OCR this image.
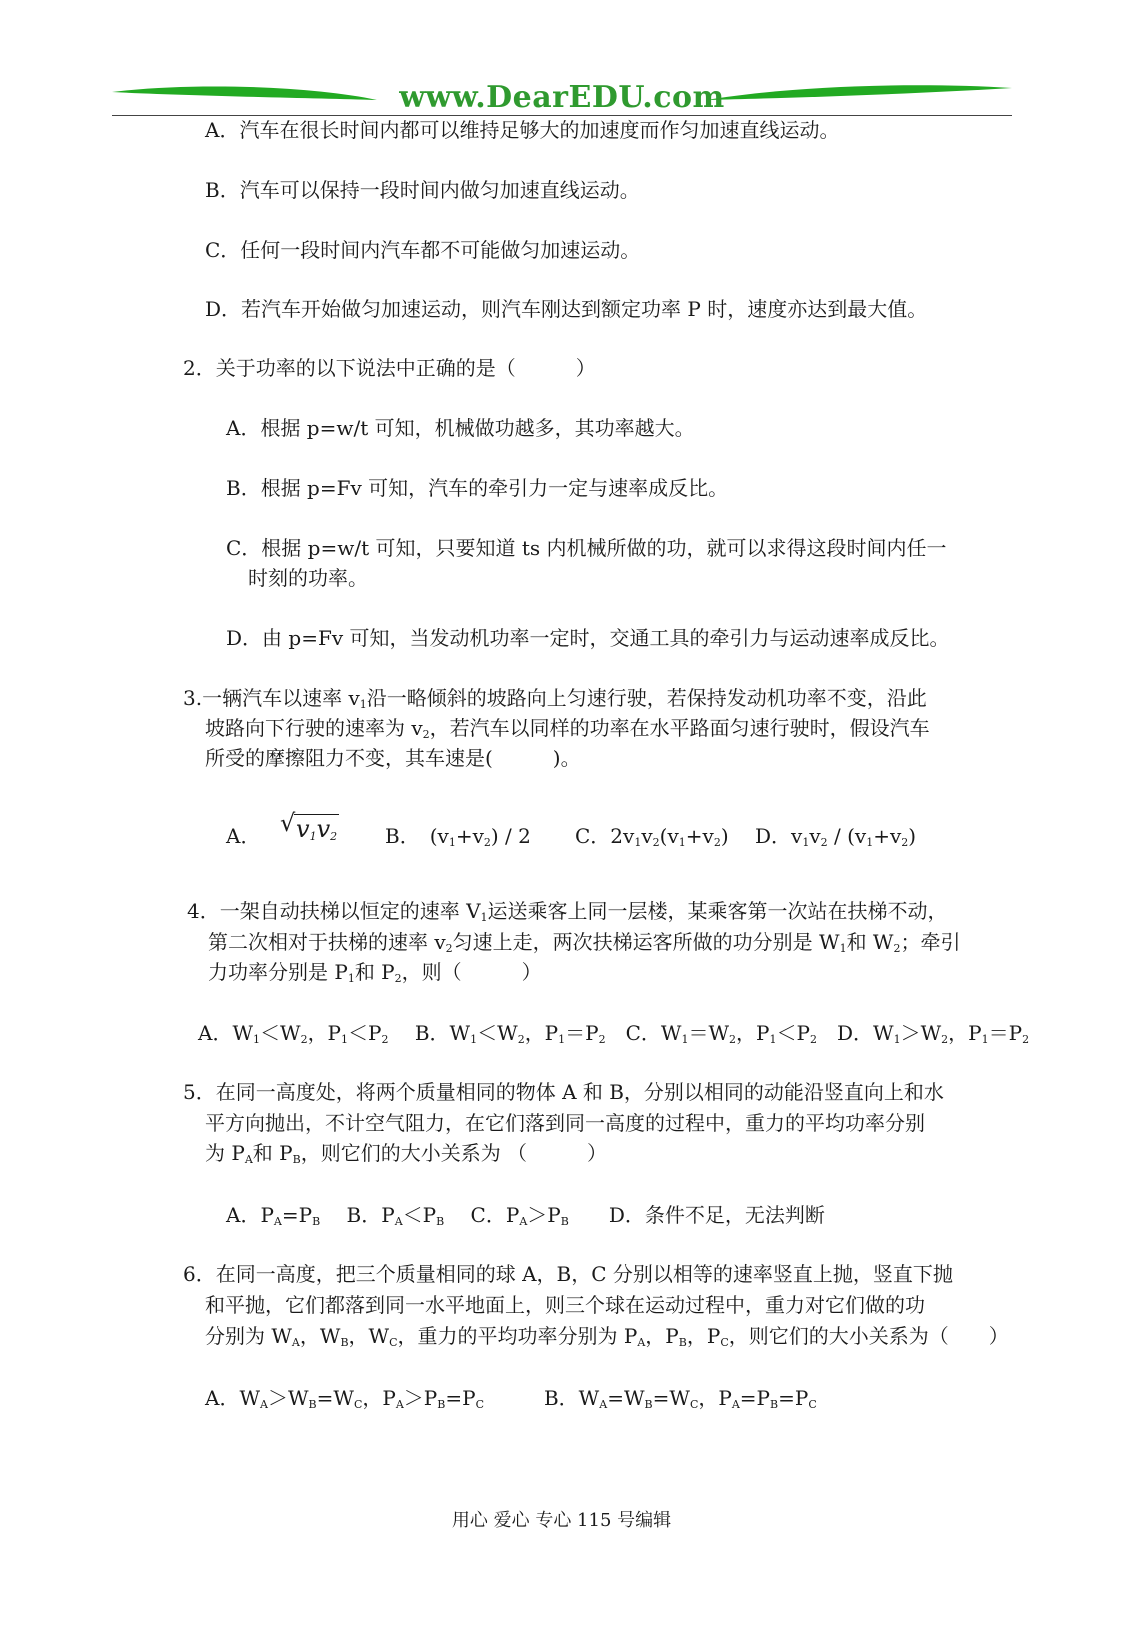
www.DearEDU.com
A．汽车在很长时间内都可以维持足够大的加速度而作匀加速直线运动。
B．汽车可以保持一段时间内做匀加速直线运动。
C．任何一段时间内汽车都不可能做匀加速运动。
D．若汽车开始做匀加速运动，则汽车刚达到额定功率 P 时，速度亦达到最大值。
2．关于功率的以下说法中正确的是（　　　）
A．根据 p=w/t 可知，机械做功越多，其功率越大。
B．根据 p=Fv 可知，汽车的牵引力一定与速率成反比。
C．根据 p=w/t 可知，只要知道 ts 内机械所做的功，就可以求得这段时间内任一
时刻的功率。
D．由 p=Fv 可知，当发动机功率一定时，交通工具的牵引力与运动速率成反比。
3.一辆汽车以速率 $v_1$沿一略倾斜的坡路向上匀速行驶，若保持发动机功率不变，沿此
坡路向下行驶的速率为 $v_2$，若汽车以同样的功率在水平路面匀速行驶时，假设汽车
所受的摩擦阻力不变，其车速是(　　　)。
A． √ $v_1v_2$ B．　$(v_1+v_2) / 2$ C．$2v_1v_2(v_1+v_2)$ D．$v_1v_2 / (v_1+v_2)$
4．一架自动扶梯以恒定的速率 $V_1$运送乘客上同一层楼，某乘客第一次站在扶梯不动，
第二次相对于扶梯的速率 $v_2$匀速上走，两次扶梯运客所做的功分别是 $W_1$和 $W_2$；牵引
力功率分别是 $P_1$和 $P_2$，则（　　　）
A．$W_1<W_2$，$P_1<P_2$　 B．$W_1<W_2$，$P_1=P_2$　C．$W_1=W_2$，$P_1<P_2$　D．$W_1>W_2$，$P_1=P_2$
5．在同一高度处，将两个质量相同的物体 A 和 B，分别以相同的动能沿竖直向上和水
平方向抛出，不计空气阻力，在它们落到同一高度的过程中，重力的平均功率分别
为 $P_A$和 $P_B$，则它们的大小关系为 （　　　）
A．$P_A=P_B$　 B．$P_A<P_B$　 C．$P_A>P_B$　　 D．条件不足，无法判断
6．在同一高度，把三个质量相同的球 A，B，C 分别以相等的速率竖直上抛，竖直下抛
和平抛，它们都落到同一水平地面上，则三个球在运动过程中，重力对它们做的功
分别为 $W_A$，$W_B$，$W_C$，重力的平均功率分别为 $P_A$，$P_B$，$P_C$，则它们的大小关系为（　　）
A．$W_A>W_B=W_C$，$P_A>P_B=P_C$　　　B．$W_A=W_B=W_C$，$P_A=P_B=P_C$
用心 爱心 专心 115 号编辑
